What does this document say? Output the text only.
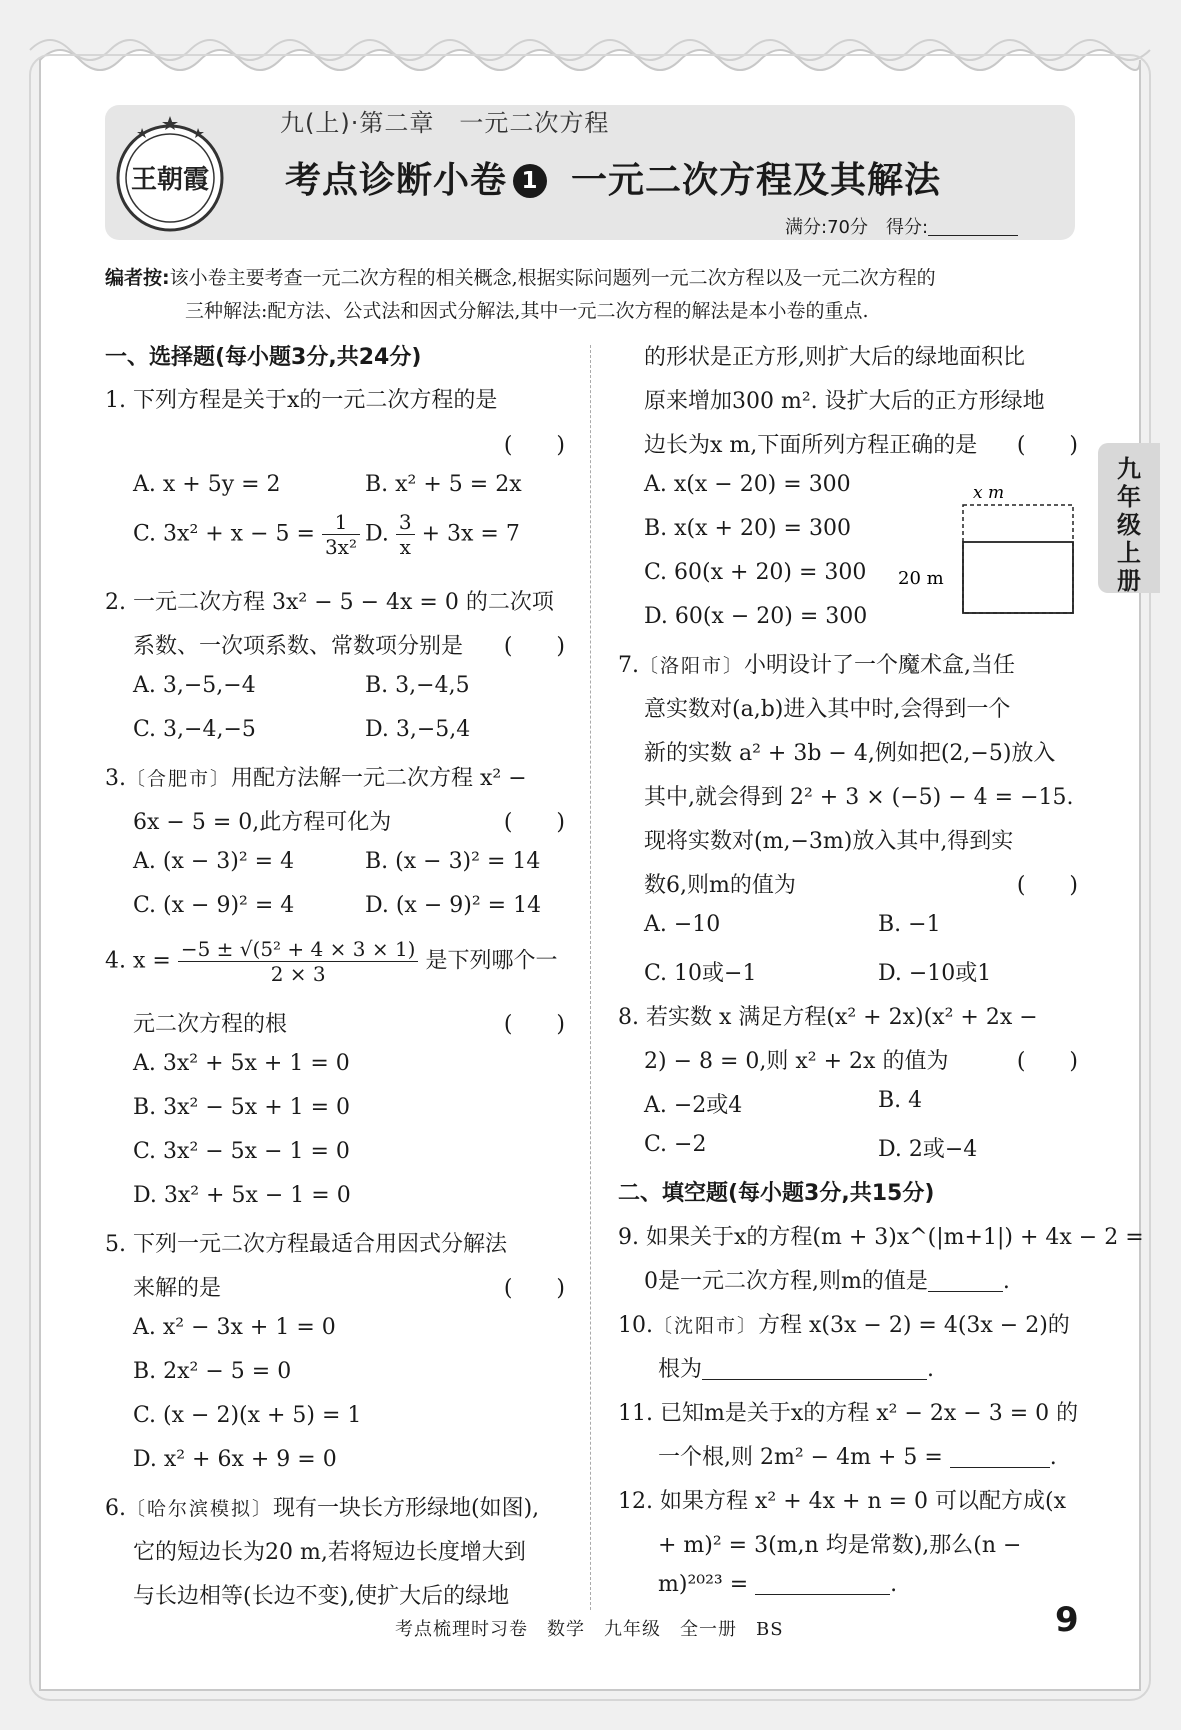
王朝霞
九(上)·第二章　一元二次方程
考点诊断小卷 1 一元二次方程及其解法
满分:70分　得分:
编者按:该小卷主要考查一元二次方程的相关概念,根据实际问题列一元二次方程以及一元二次方程的
三种解法:配方法、公式法和因式分解法,其中一元二次方程的解法是本小卷的重点.
九年级上册
一、选择题(每小题3分,共24分)
1. 下列方程是关于x的一元二次方程的是
(　　)
A. x + 5y = 2	B. x² + 5 = 2x
C. $3x^2 + x - 5 = \frac{1}{\text{3x²}} D$. $\frac{3}{x} + 3x = 7$
2. 一元二次方程 3x² − 5 − 4x = 0 的二次项
系数、一次项系数、常数项分别是 (　　)
A. 3,−5,−4	B. 3,−4,5
C. 3,−4,−5	D. 3,−5,4
3.〔合肥市〕用配方法解一元二次方程 x² −
6x − 5 = 0,此方程可化为	(　　)
A. (x − 3)² = 4	B. (x − 3)² = 14
C. (x − 9)² = 4	D. (x − 9)² = 14
4. $x = \frac{\text{−5 ± √(5² + 4 × 3 × 1)}}{2 \times 3}$ 是下列哪个一
元二次方程的根	(　　)
A. 3x² + 5x + 1 = 0
B. 3x² − 5x + 1 = 0
C. 3x² − 5x − 1 = 0
D. 3x² + 5x − 1 = 0
5. 下列一元二次方程最适合用因式分解法
来解的是	(　　)
A. x² − 3x + 1 = 0
B. 2x² − 5 = 0
C. (x − 2)(x + 5) = 1
D. x² + 6x + 9 = 0
6.〔哈尔滨模拟〕现有一块长方形绿地(如图),
它的短边长为20 m,若将短边长度增大到
与长边相等(长边不变),使扩大后的绿地
的形状是正方形,则扩大后的绿地面积比
原来增加300 m². 设扩大后的正方形绿地
边长为x m,下面所列方程正确的是 (　　)
A. x(x − 20) = 300
B. x(x + 20) = 300
C. 60(x + 20) = 300
D. 60(x − 20) = 300
x m
20 m
7.〔洛阳市〕小明设计了一个魔术盒,当任
意实数对(a,b)进入其中时,会得到一个
新的实数 a² + 3b − 4,例如把(2,−5)放入
其中,就会得到 2² + 3 × (−5) − 4 = −15.
现将实数对(m,−3m)放入其中,得到实
数6,则m的值为	(　　)
A. −10	B. −1
C. 10或−1	D. −10或1
8. 若实数 x 满足方程(x² + 2x)(x² + 2x −
2) − 8 = 0,则 x² + 2x 的值为	(　　)
A. −2或4	B. 4
C. −2	D. 2或−4
二、填空题(每小题3分,共15分)
9. 如果关于x的方程(m + 3)x^(|m+1|) + 4x − 2 =
0是一元二次方程,则m的值是	.
10.〔沈阳市〕方程 x(3x − 2) = 4(3x − 2)的
根为	.
11. 已知m是关于x的方程 x² − 2x − 3 = 0 的
一个根,则 2m² − 4m + 5 =	.
12. 如果方程 x² + 4x + n = 0 可以配方成(x
+ m)² = 3(m,n 均是常数),那么(n −
m)²⁰²³ =	.
考点梳理时习卷　数学　九年级　全一册　BS	9
